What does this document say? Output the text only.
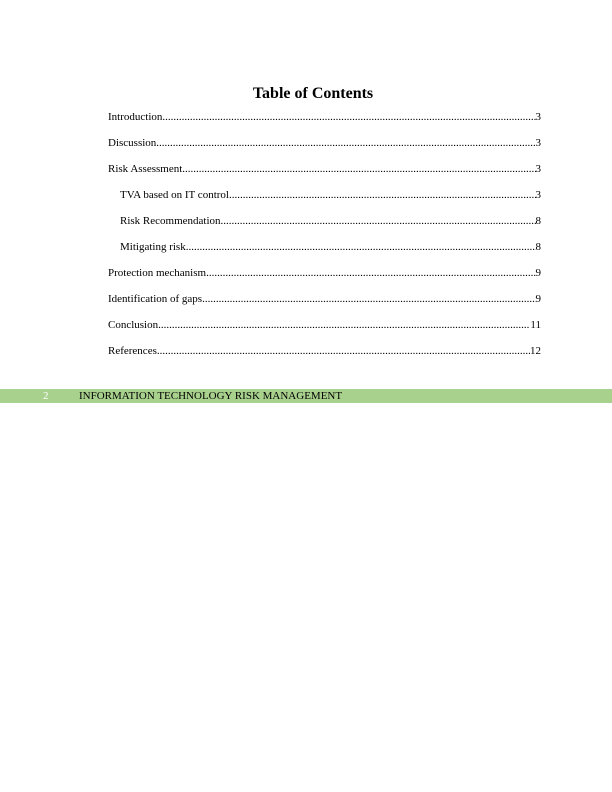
Table of Contents
Introduction .....	3
Discussion .....	3
Risk Assessment .....	3
TVA based on IT control .....	3
Risk Recommendation .....	8
Mitigating risk .....	8
Protection mechanism .....	9
Identification of gaps .....	9
Conclusion .....	11
References .....	12
2	INFORMATION TECHNOLOGY RISK MANAGEMENT
